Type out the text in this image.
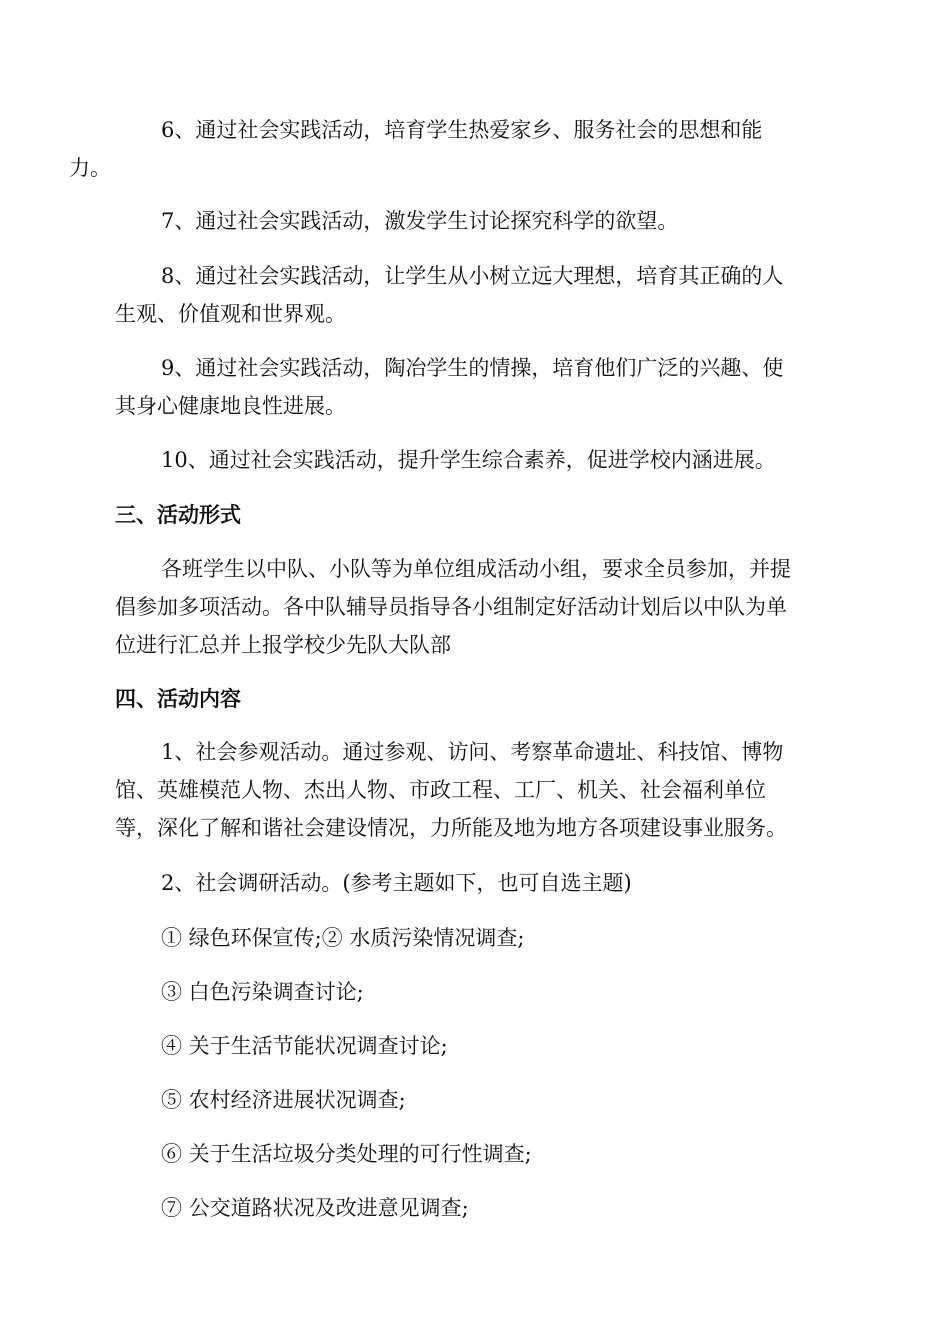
6、通过社会实践活动，培育学生热爱家乡、服务社会的思想和能
力。

7、通过社会实践活动，激发学生讨论探究科学的欲望。

8、通过社会实践活动，让学生从小树立远大理想，培育其正确的人
生观、价值观和世界观。

9、通过社会实践活动，陶冶学生的情操，培育他们广泛的兴趣、使
其身心健康地良性进展。

10、通过社会实践活动，提升学生综合素养，促进学校内涵进展。

三、活动形式

各班学生以中队、小队等为单位组成活动小组，要求全员参加，并提
倡参加多项活动。各中队辅导员指导各小组制定好活动计划后以中队为单
位进行汇总并上报学校少先队大队部

四、活动内容

1、社会参观活动。通过参观、访问、考察革命遗址、科技馆、博物
馆、英雄模范人物、杰出人物、市政工程、工厂、机关、社会福利单位
等，深化了解和谐社会建设情况，力所能及地为地方各项建设事业服务。

2、社会调研活动。(参考主题如下，也可自选主题)

① 绿色环保宣传;② 水质污染情况调查;

③ 白色污染调查讨论;

④ 关于生活节能状况调查讨论;

⑤ 农村经济进展状况调查;

⑥ 关于生活垃圾分类处理的可行性调查;

⑦ 公交道路状况及改进意见调查;
